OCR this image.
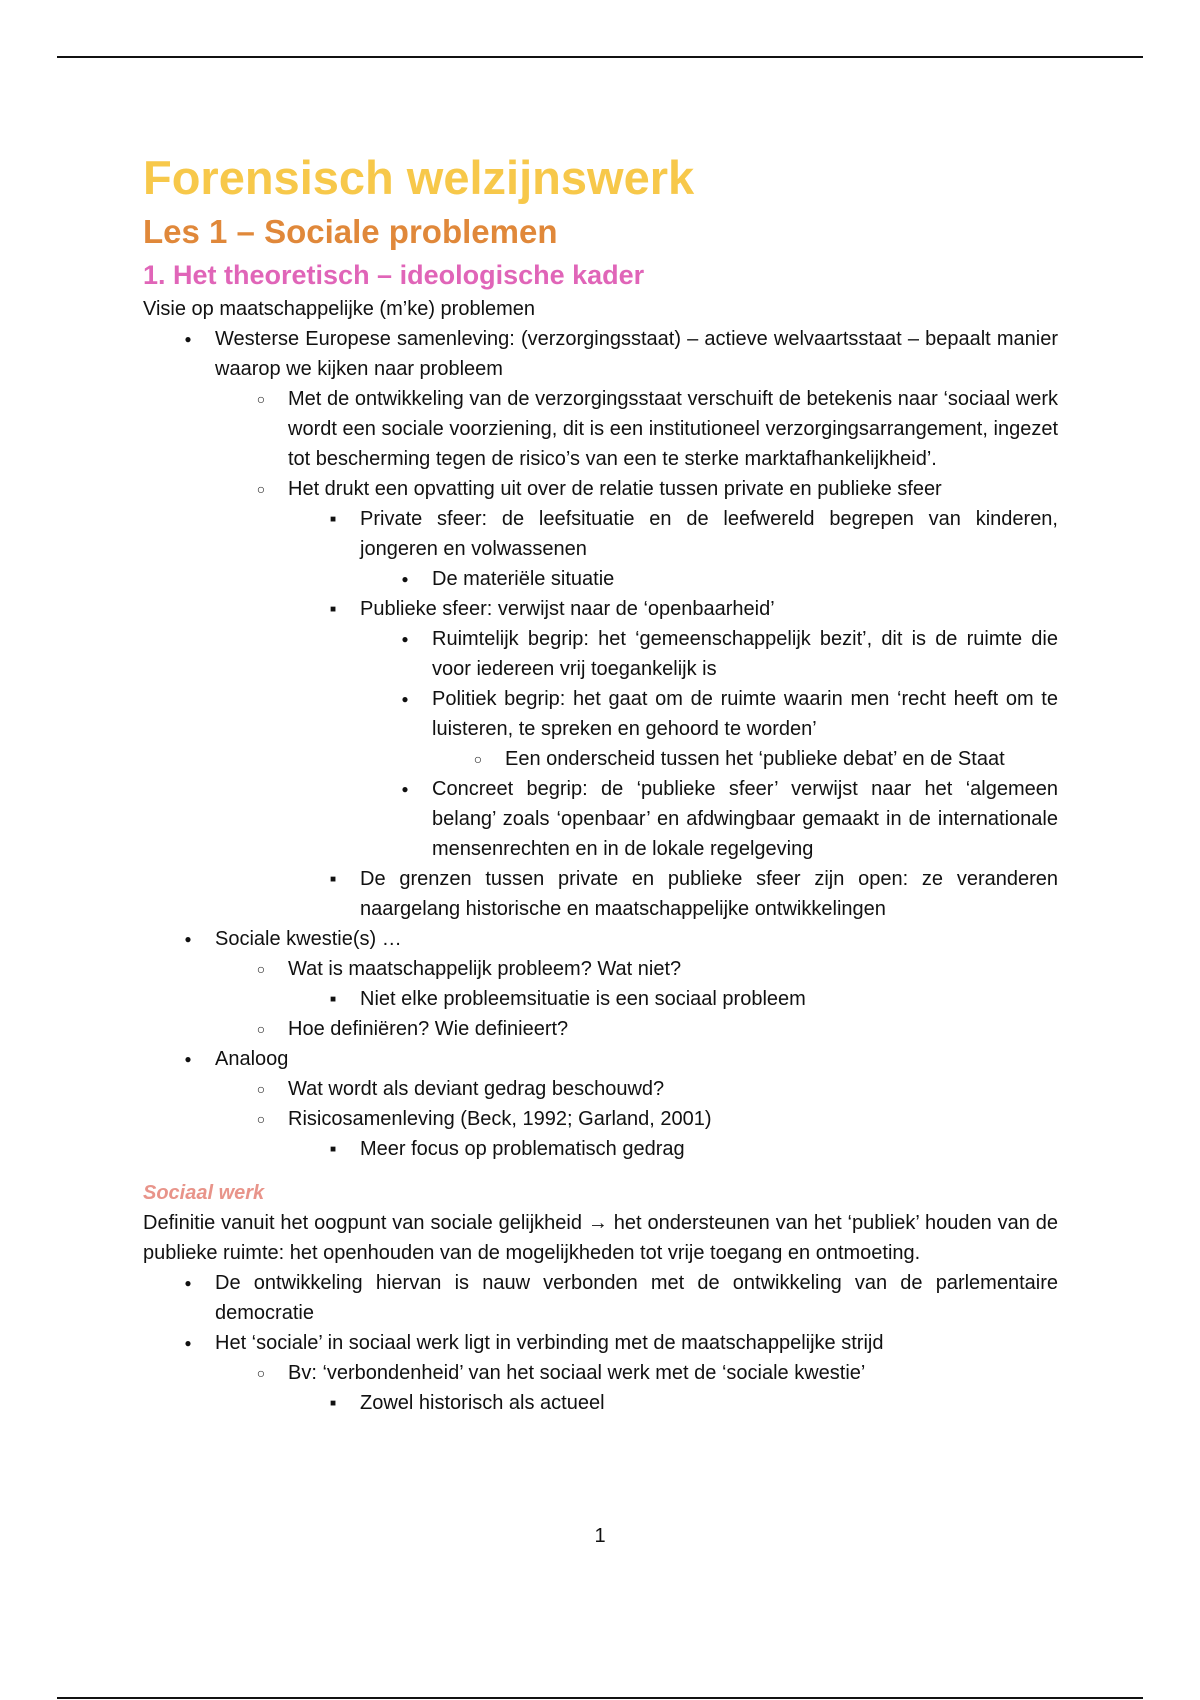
Forensisch welzijnswerk
Les 1 – Sociale problemen
1. Het theoretisch – ideologische kader

Visie op maatschappelijke (m’ke) problemen

●
Westerse Europese samenleving: (verzorgingsstaat) – actieve welvaartsstaat – bepaalt manier waarop we kijken naar probleem
○
Met de ontwikkeling van de verzorgingsstaat verschuift de betekenis naar ‘sociaal werk wordt een sociale voorziening, dit is een institutioneel verzorgingsarrangement, ingezet tot bescherming tegen de risico’s van een te sterke marktafhankelijkheid’.
○
Het drukt een opvatting uit over de relatie tussen private en publieke sfeer
■
Private sfeer: de leefsituatie en de leefwereld begrepen van kinderen, jongeren en volwassenen
●
De materiële situatie
■
Publieke sfeer: verwijst naar de ‘openbaarheid’
●
Ruimtelijk begrip: het ‘gemeenschappelijk bezit’, dit is de ruimte die voor iedereen vrij toegankelijk is
●
Politiek begrip: het gaat om de ruimte waarin men ‘recht heeft om te luisteren, te spreken en gehoord te worden’
○
Een onderscheid tussen het ‘publieke debat’ en de Staat
●
Concreet begrip: de ‘publieke sfeer’ verwijst naar het ‘algemeen belang’ zoals ‘openbaar’ en afdwingbaar gemaakt in de internationale mensenrechten en in de lokale regelgeving
■
De grenzen tussen private en publieke sfeer zijn open: ze veranderen naargelang historische en maatschappelijke ontwikkelingen
●
Sociale kwestie(s) …
○
Wat is maatschappelijk probleem? Wat niet?
■
Niet elke probleemsituatie is een sociaal probleem
○
Hoe definiëren? Wie definieert?
●
Analoog
○
Wat wordt als deviant gedrag beschouwd?
○
Risicosamenleving (Beck, 1992; Garland, 2001)
■
Meer focus op problematisch gedrag

Sociaal werk

Definitie vanuit het oogpunt van sociale gelijkheid → het ondersteunen van het ‘publiek’ houden van de publieke ruimte: het openhouden van de mogelijkheden tot vrije toegang en ontmoeting.

●
De ontwikkeling hiervan is nauw verbonden met de ontwikkeling van de parlementaire democratie
●
Het ‘sociale’ in sociaal werk ligt in verbinding met de maatschappelijke strijd
○
Bv: ‘verbondenheid’ van het sociaal werk met de ‘sociale kwestie’
■
Zowel historisch als actueel
1
